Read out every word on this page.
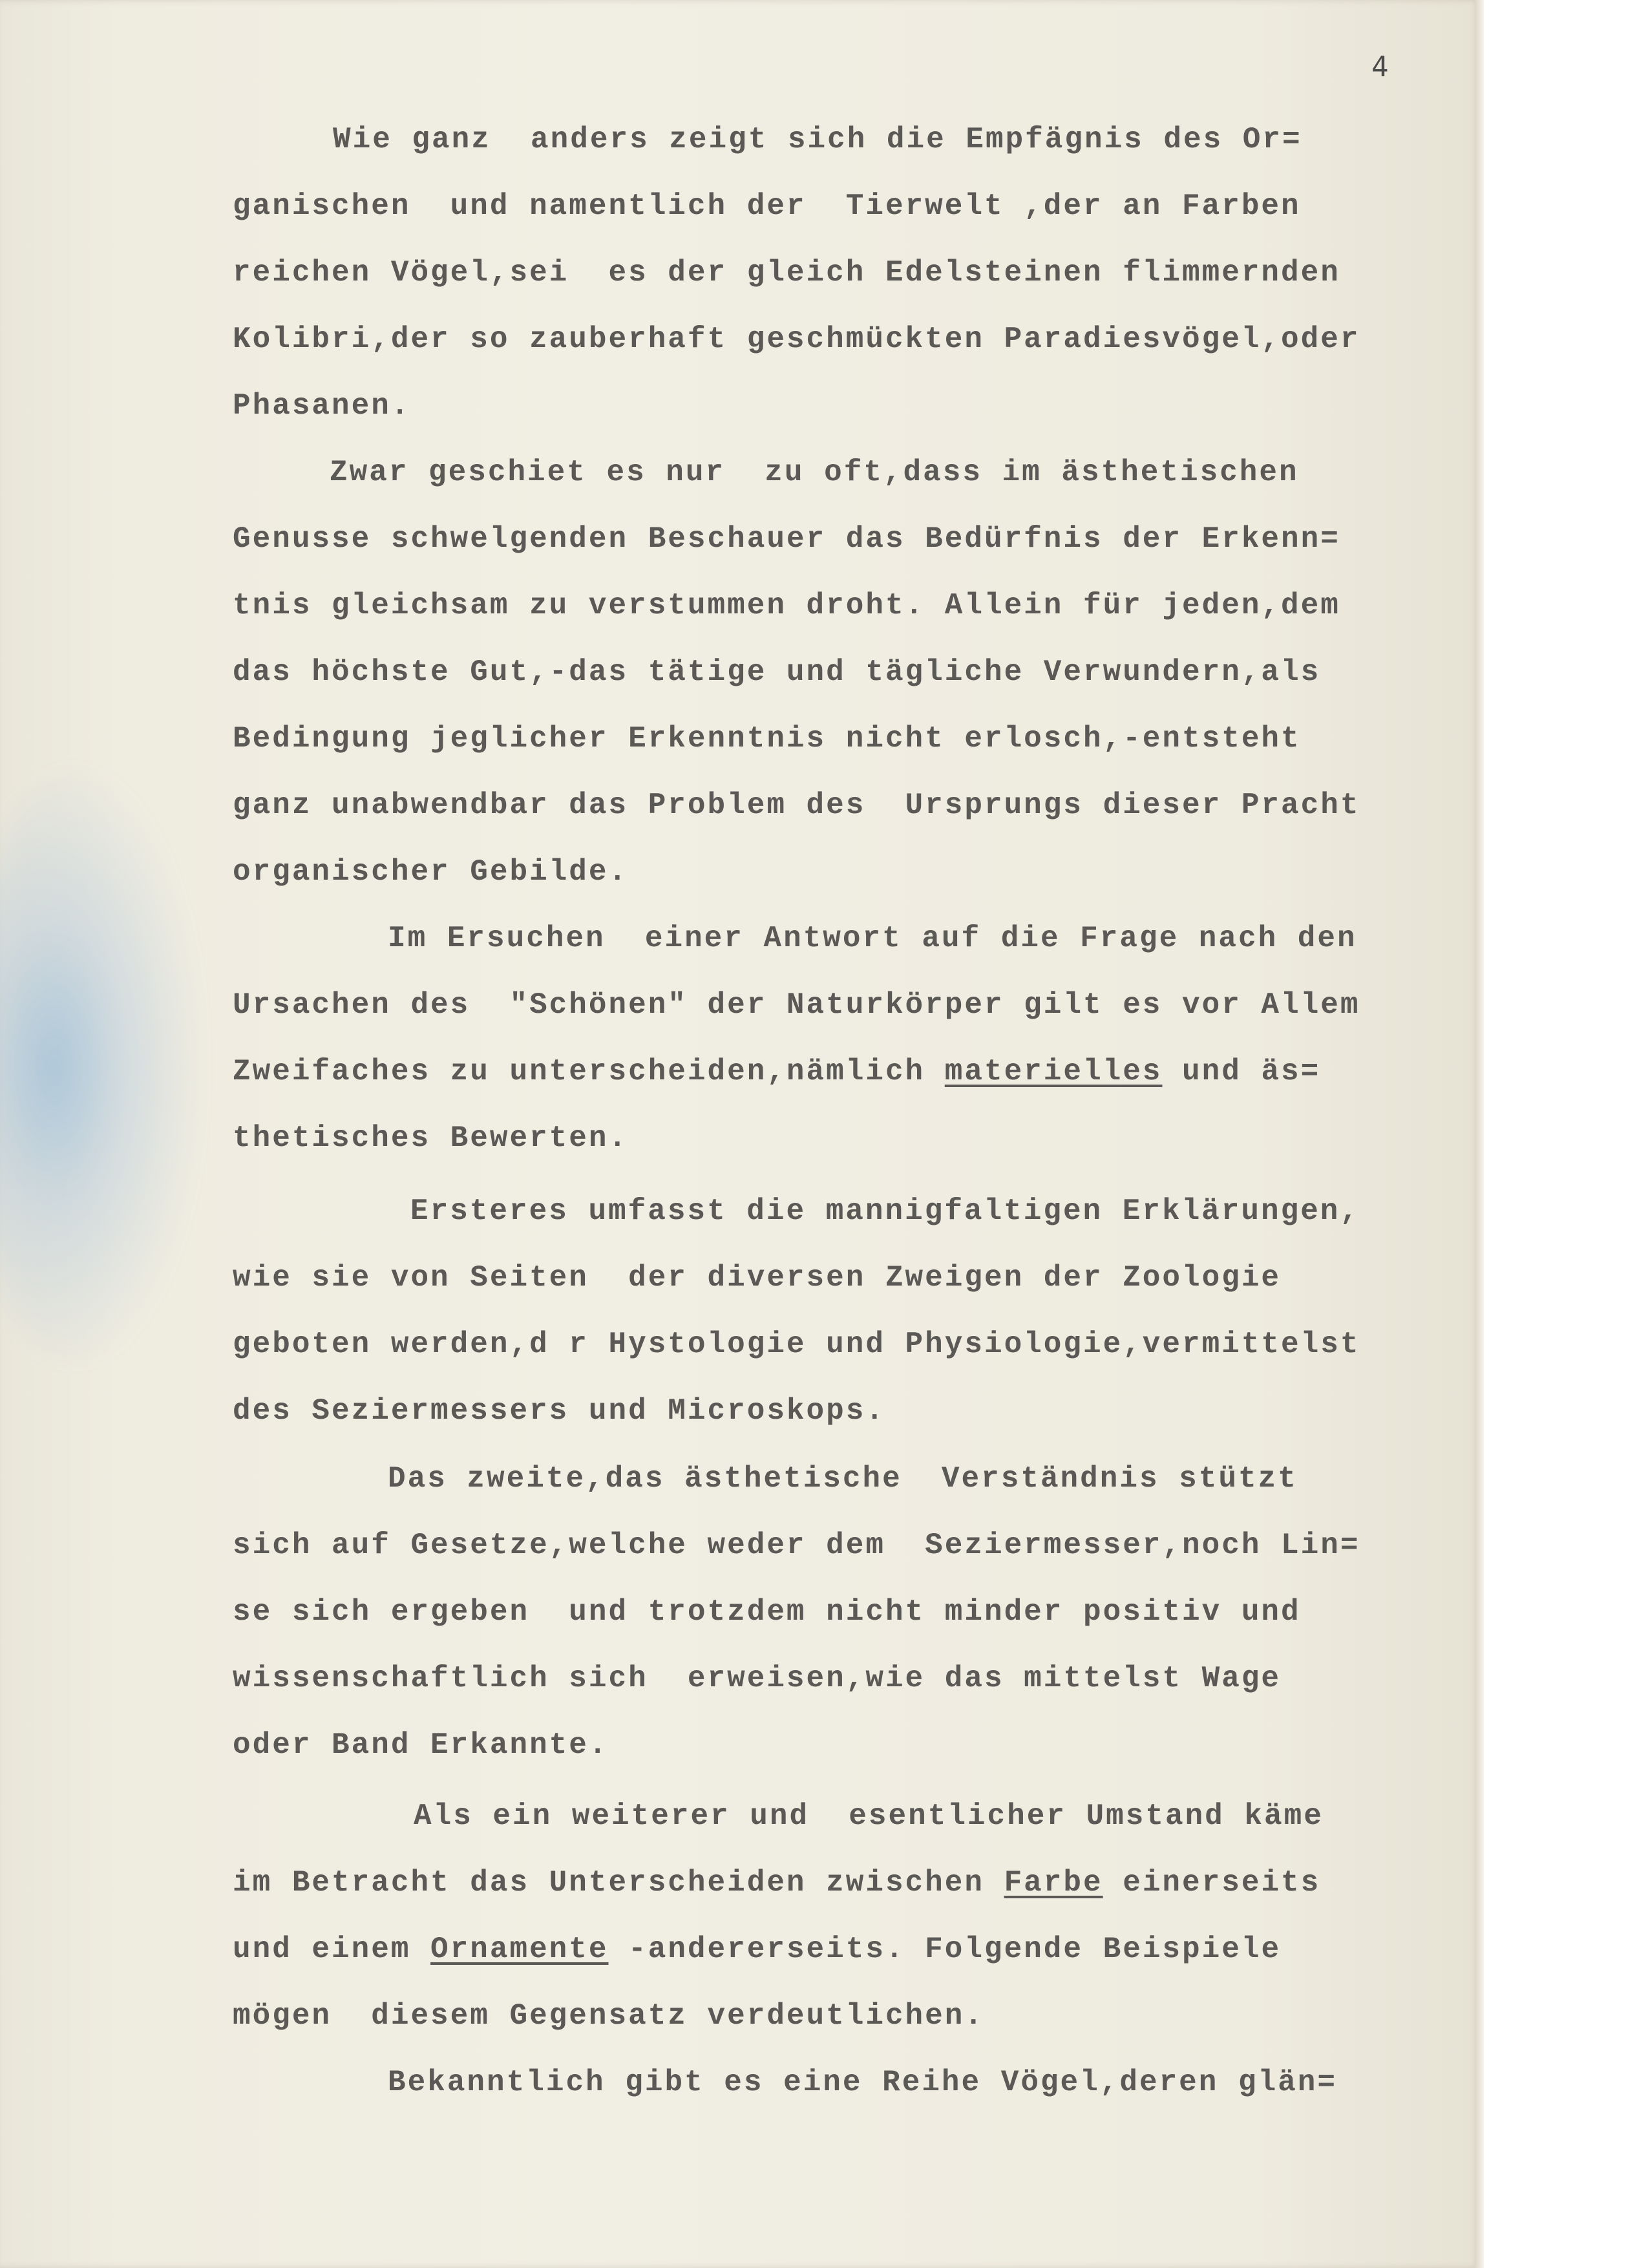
4
Wie ganz  anders zeigt sich die Empfägnis des Or=
ganischen  und namentlich der  Tierwelt ,der an Farben
reichen Vögel,sei  es der gleich Edelsteinen flimmernden
Kolibri,der so zauberhaft geschmückten Paradiesvögel,oder
Phasanen.
Zwar geschiet es nur  zu oft,dass im ästhetischen
Genusse schwelgenden Beschauer das Bedürfnis der Erkenn=
tnis gleichsam zu verstummen droht. Allein für jeden,dem
das höchste Gut,-das tätige und tägliche Verwundern,als
Bedingung jeglicher Erkenntnis nicht erlosch,-entsteht
ganz unabwendbar das Problem des  Ursprungs dieser Pracht
organischer Gebilde.
Im Ersuchen  einer Antwort auf die Frage nach den
Ursachen des  "Schönen" der Naturkörper gilt es vor Allem
Zweifaches zu unterscheiden,nämlich materielles und äs=
thetisches Bewerten.
Ersteres umfasst die mannigfaltigen Erklärungen,
wie sie von Seiten  der diversen Zweigen der Zoologie
geboten werden,d r Hystologie und Physiologie,vermittelst
des Seziermessers und Microskops.
Das zweite,das ästhetische  Verständnis stützt
sich auf Gesetze,welche weder dem  Seziermesser,noch Lin=
se sich ergeben  und trotzdem nicht minder positiv und
wissenschaftlich sich  erweisen,wie das mittelst Wage
oder Band Erkannte.
Als ein weiterer und  esentlicher Umstand käme
im Betracht das Unterscheiden zwischen Farbe einerseits
und einem Ornamente -andererseits. Folgende Beispiele
mögen  diesem Gegensatz verdeutlichen.
Bekanntlich gibt es eine Reihe Vögel,deren glän=
